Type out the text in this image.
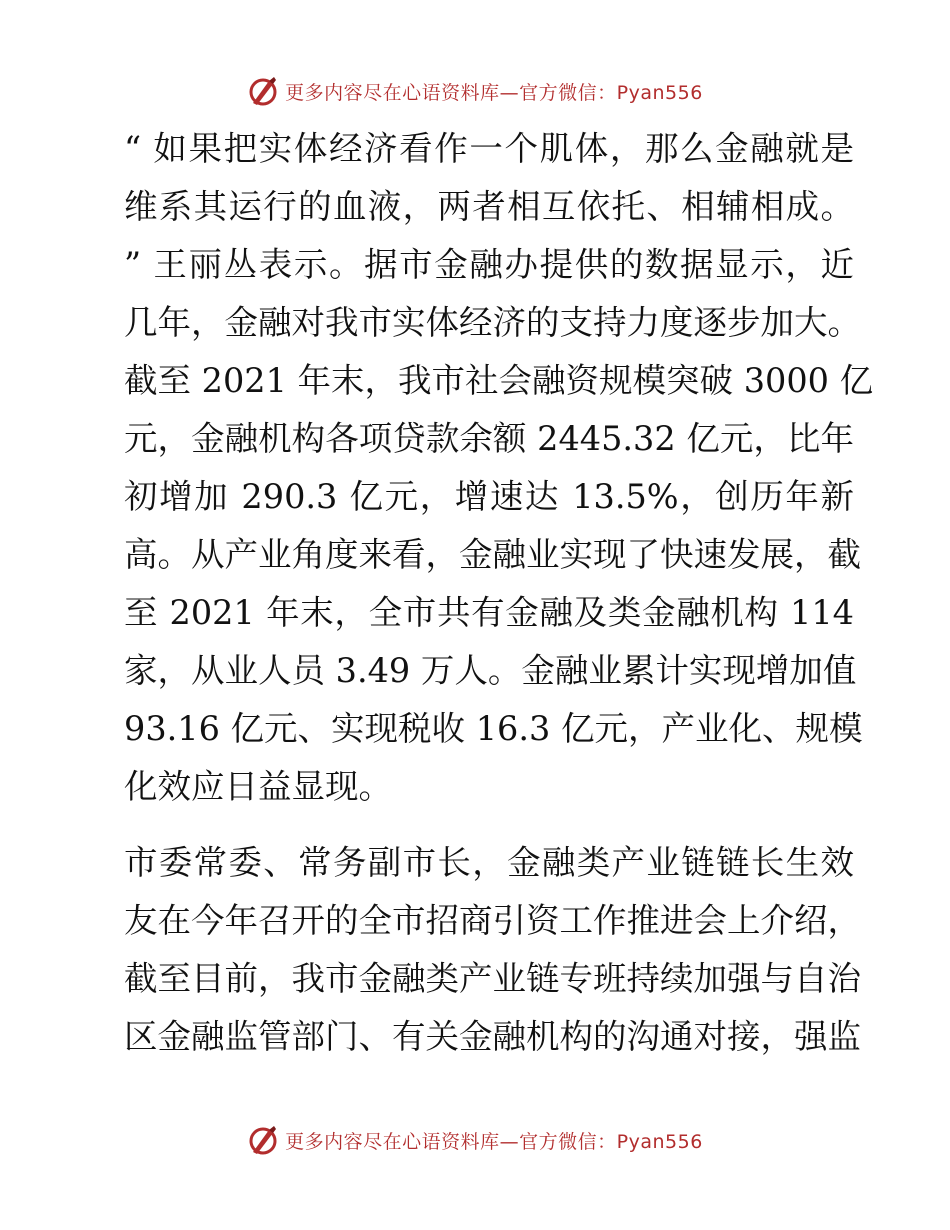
更多内容尽在心语资料库—官方微信：Pyan556

“ 如果把实体经济看作一个肌体，那么金融就是
维系其运行的血液，两者相互依托、相辅相成。
” 王丽丛表示。据市金融办提供的数据显示，近
几年，金融对我市实体经济的支持力度逐步加大。
截至 2021 年末，我市社会融资规模突破 3000 亿
元，金融机构各项贷款余额 2445.32 亿元，比年
初增加 290.3 亿元，增速达 13.5%，创历年新
高。从产业角度来看，金融业实现了快速发展，截
至 2021 年末，全市共有金融及类金融机构 114
家，从业人员 3.49 万人。金融业累计实现增加值
93.16 亿元、实现税收 16.3 亿元，产业化、规模
化效应日益显现。

市委常委、常务副市长，金融类产业链链长生效
友在今年召开的全市招商引资工作推进会上介绍，
截至目前，我市金融类产业链专班持续加强与自治
区金融监管部门、有关金融机构的沟通对接，强监

更多内容尽在心语资料库—官方微信：Pyan556
